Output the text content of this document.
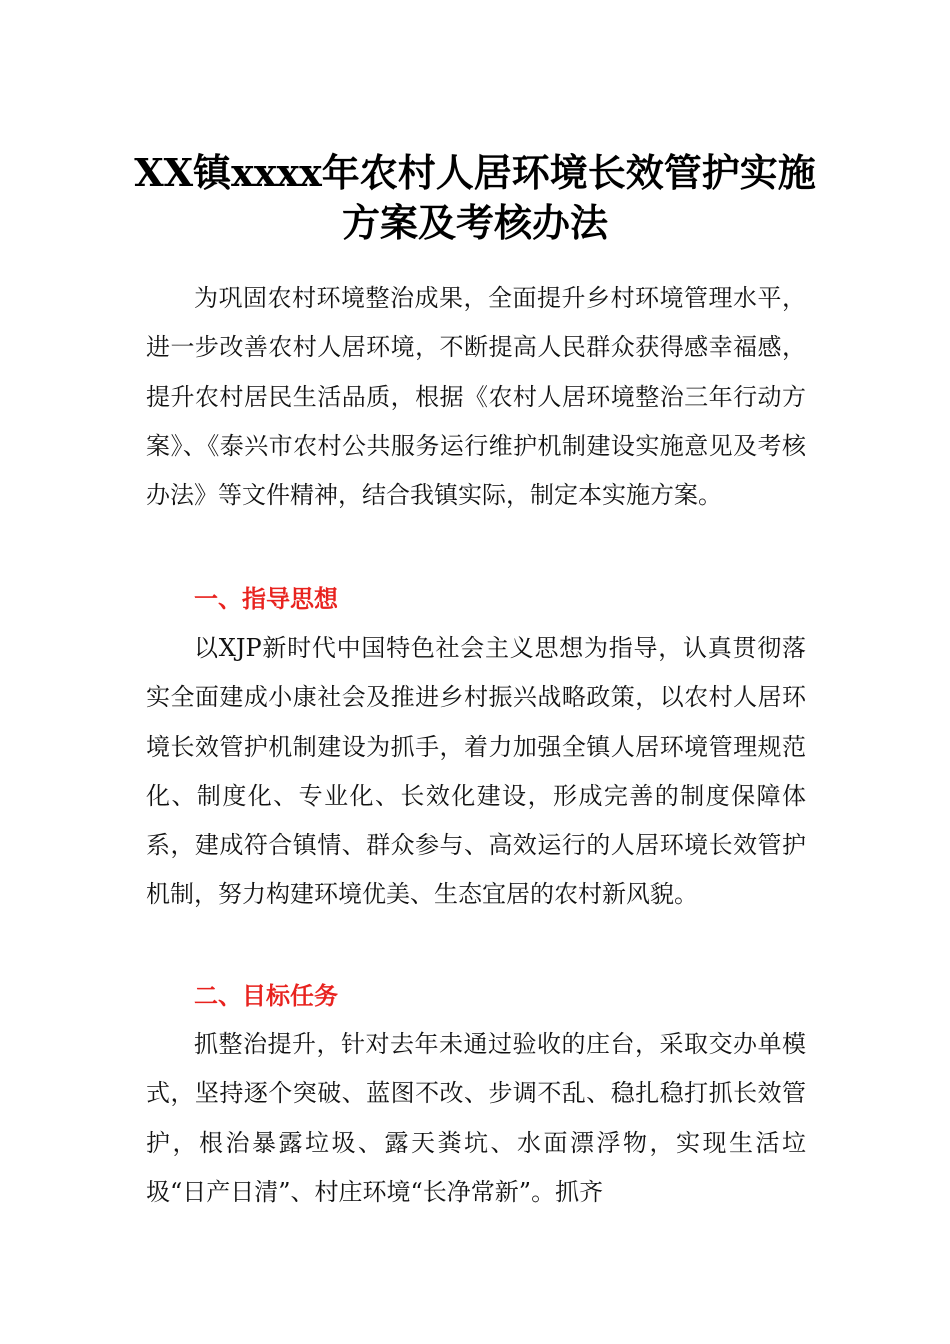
XX镇xxxx年农村人居环境长效管护实施
方案及考核办法

为巩固农村环境整治成果，全面提升乡村环境管理水平，进一步改善农村人居环境，不断提高人民群众获得感幸福感，提升农村居民生活品质，根据《农村人居环境整治三年行动方案》、《泰兴市农村公共服务运行维护机制建设实施意见及考核办法》等文件精神，结合我镇实际，制定本实施方案。

一、指导思想

以XJP新时代中国特色社会主义思想为指导，认真贯彻落实全面建成小康社会及推进乡村振兴战略政策，以农村人居环境长效管护机制建设为抓手，着力加强全镇人居环境管理规范化、制度化、专业化、长效化建设，形成完善的制度保障体系，建成符合镇情、群众参与、高效运行的人居环境长效管护机制，努力构建环境优美、生态宜居的农村新风貌。

二、目标任务

抓整治提升，针对去年未通过验收的庄台，采取交办单模式，坚持逐个突破、蓝图不改、步调不乱、稳扎稳打抓长效管护，根治暴露垃圾、露天粪坑、水面漂浮物，实现生活垃圾“日产日清”、村庄环境“长净常新”。抓齐
